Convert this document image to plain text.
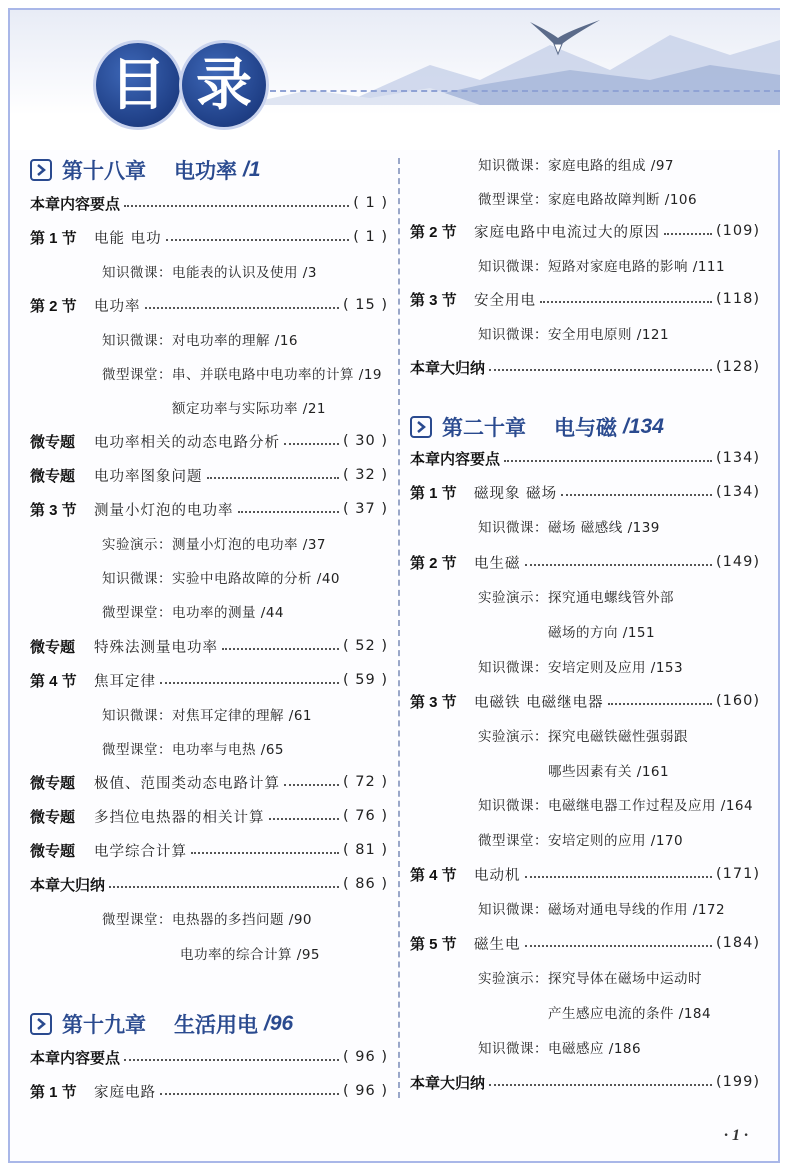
目 录
第十八章 电功率 /1
本章内容要点	( 1 )
第 1 节	电能 电功	( 1 )
知识微课：电能表的认识及使用 /3
第 2 节	电功率	( 15 )
知识微课：对电功率的理解 /16
微型课堂：串、并联电路中电功率的计算 /19
额定功率与实际功率 /21
微专题	电功率相关的动态电路分析	( 30 )
微专题	电功率图象问题	( 32 )
第 3 节	测量小灯泡的电功率	( 37 )
实验演示：测量小灯泡的电功率 /37
知识微课：实验中电路故障的分析 /40
微型课堂：电功率的测量 /44
微专题	特殊法测量电功率	( 52 )
第 4 节	焦耳定律	( 59 )
知识微课：对焦耳定律的理解 /61
微型课堂：电功率与电热 /65
微专题	极值、范围类动态电路计算	( 72 )
微专题	多挡位电热器的相关计算	( 76 )
微专题	电学综合计算	( 81 )
本章大归纳	( 86 )
微型课堂：电热器的多挡问题 /90
电功率的综合计算 /95
第十九章 生活用电 /96
本章内容要点	( 96 )
第 1 节	家庭电路	( 96 )
知识微课：家庭电路的组成 /97
微型课堂：家庭电路故障判断 /106
第 2 节	家庭电路中电流过大的原因	(109)
知识微课：短路对家庭电路的影响 /111
第 3 节	安全用电	(118)
知识微课：安全用电原则 /121
本章大归纳	(128)
第二十章 电与磁 /134
本章内容要点	(134)
第 1 节	磁现象 磁场	(134)
知识微课：磁场 磁感线 /139
第 2 节	电生磁	(149)
实验演示：探究通电螺线管外部
磁场的方向 /151
知识微课：安培定则及应用 /153
第 3 节	电磁铁 电磁继电器	(160)
实验演示：探究电磁铁磁性强弱跟
哪些因素有关 /161
知识微课：电磁继电器工作过程及应用 /164
微型课堂：安培定则的应用 /170
第 4 节	电动机	(171)
知识微课：磁场对通电导线的作用 /172
第 5 节	磁生电	(184)
实验演示：探究导体在磁场中运动时
产生感应电流的条件 /184
知识微课：电磁感应 /186
本章大归纳	(199)
· 1 ·
